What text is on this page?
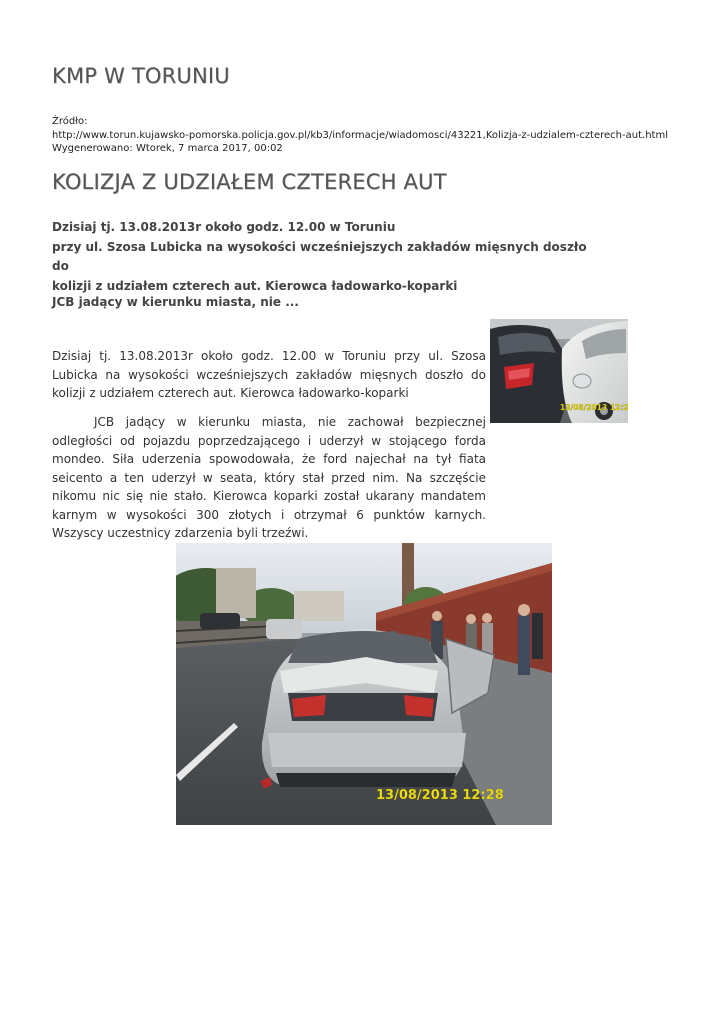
KMP W TORUNIU
Źródło:
http://www.torun.kujawsko-pomorska.policja.gov.pl/kb3/informacje/wiadomosci/43221,Kolizja-z-udzialem-czterech-aut.html
Wygenerowano: Wtorek, 7 marca 2017, 00:02
KOLIZJA Z UDZIAŁEM CZTERECH AUT

Dzisiaj tj. 13.08.2013r około godz. 12.00 w Toruniu

przy ul. Szosa Lubicka na wysokości wcześniejszych zakładów mięsnych doszło do

kolizji z udziałem czterech aut. Kierowca ładowarko-koparki

JCB jadący w kierunku miasta, nie ...
13/08/2013 12:2

Dzisiaj tj. 13.08.2013r około godz. 12.00 w Toruniu przy ul. Szosa Lubicka na wysokości wcześniejszych zakładów mięsnych doszło do kolizji z udziałem czterech aut. Kierowca ładowarko-koparki

JCB jadący w kierunku miasta, nie zachował bezpiecznej odległości od pojazdu poprzedzającego i uderzył w stojącego forda mondeo. Siła uderzenia spowodowała, że ford najechał na tył fiata seicento a ten uderzył w seata, który stał przed nim. Na szczęście nikomu nic się nie stało. Kierowca koparki został ukarany mandatem karnym w wysokości 300 złotych i otrzymał 6 punktów karnych. Wszyscy uczestnicy zdarzenia byli trzeźwi.

13/08/2013 12:28
